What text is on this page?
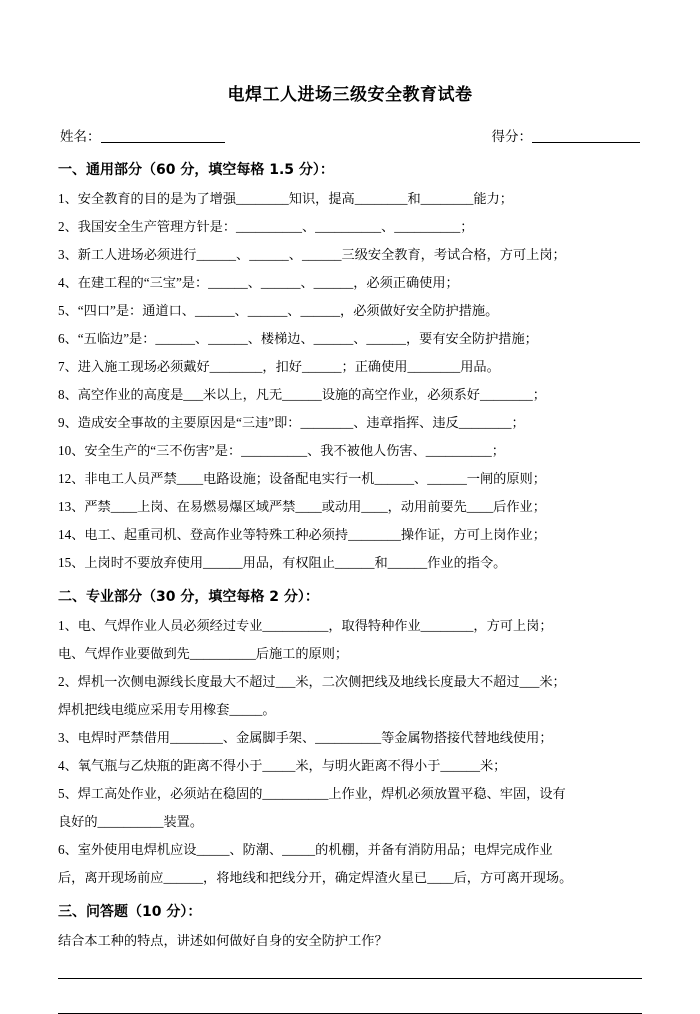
电焊工人进场三级安全教育试卷
姓名：	得分：
一、通用部分（60 分，填空每格 1.5 分）：
1、安全教育的目的是为了增强________知识，提高________和________能力；
2、我国安全生产管理方针是：__________、__________、__________；
3、新工人进场必须进行______、______、______三级安全教育，考试合格，方可上岗；
4、在建工程的“三宝”是：______、______、______，必须正确使用；
5、“四口”是：通道口、______、______、______，必须做好安全防护措施。
6、“五临边”是：______、______、楼梯边、______、______，要有安全防护措施；
7、进入施工现场必须戴好________，扣好______；正确使用________用品。
8、高空作业的高度是___米以上，凡无______设施的高空作业，必须系好________；
9、造成安全事故的主要原因是“三违”即：________、违章指挥、违反________；
10、安全生产的“三不伤害”是：__________、我不被他人伤害、__________；
12、非电工人员严禁____电路设施；设备配电实行一机______、______一闸的原则；
13、严禁____上岗、在易燃易爆区域严禁____或动用____，动用前要先____后作业；
14、电工、起重司机、登高作业等特殊工种必须持________操作证，方可上岗作业；
15、上岗时不要放弃使用______用品，有权阻止______和______作业的指令。
二、专业部分（30 分，填空每格 2 分）：
1、电、气焊作业人员必须经过专业__________，取得特种作业________，方可上岗；
电、气焊作业要做到先__________后施工的原则；
2、焊机一次侧电源线长度最大不超过___米，二次侧把线及地线长度最大不超过___米；
焊机把线电缆应采用专用橡套_____。
3、电焊时严禁借用________、金属脚手架、__________等金属物搭接代替地线使用；
4、氧气瓶与乙炔瓶的距离不得小于_____米，与明火距离不得小于______米；
5、焊工高处作业，必须站在稳固的__________上作业，焊机必须放置平稳、牢固，设有
良好的__________装置。
6、室外使用电焊机应设_____、防潮、_____的机棚，并备有消防用品；电焊完成作业
后，离开现场前应______，将地线和把线分开，确定焊渣火星已____后，方可离开现场。
三、问答题（10 分）：
结合本工种的特点，讲述如何做好自身的安全防护工作？
